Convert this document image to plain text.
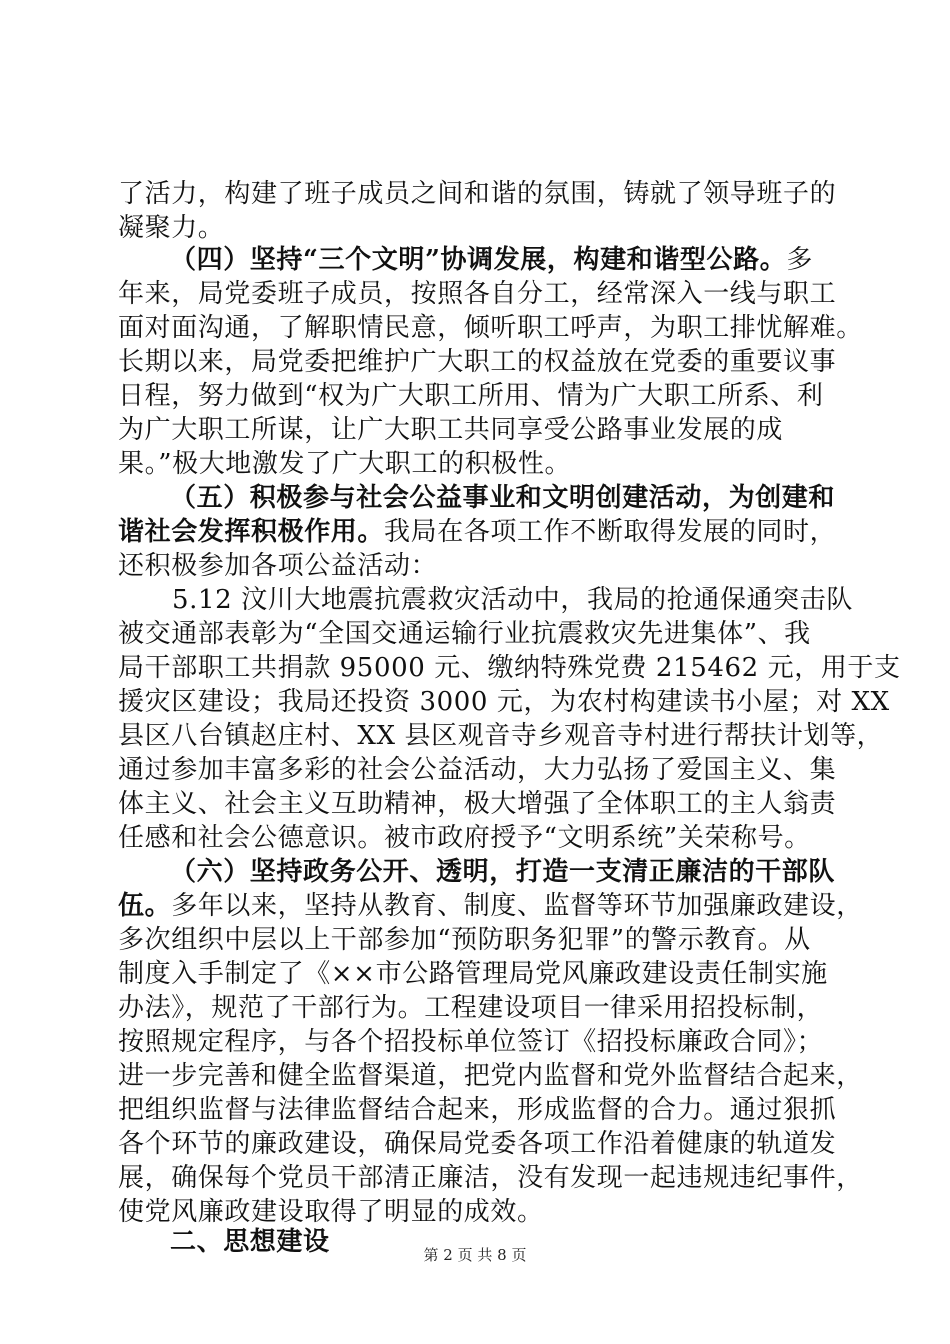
了活力，构建了班子成员之间和谐的氛围，铸就了领导班子的
凝聚力。
（四）坚持“三个文明”协调发展，构建和谐型公路。多
年来，局党委班子成员，按照各自分工，经常深入一线与职工
面对面沟通，了解职情民意，倾听职工呼声，为职工排忧解难。
长期以来，局党委把维护广大职工的权益放在党委的重要议事
日程，努力做到“权为广大职工所用、情为广大职工所系、利
为广大职工所谋，让广大职工共同享受公路事业发展的成
果。”极大地激发了广大职工的积极性。
（五）积极参与社会公益事业和文明创建活动，为创建和
谐社会发挥积极作用。我局在各项工作不断取得发展的同时，
还积极参加各项公益活动：
5.12 汶川大地震抗震救灾活动中，我局的抢通保通突击队
被交通部表彰为“全国交通运输行业抗震救灾先进集体”、我
局干部职工共捐款 95000 元、缴纳特殊党费 215462 元，用于支
援灾区建设；我局还投资 3000 元，为农村构建读书小屋；对 XX
县区八台镇赵庄村、XX 县区观音寺乡观音寺村进行帮扶计划等，
通过参加丰富多彩的社会公益活动，大力弘扬了爱国主义、集
体主义、社会主义互助精神，极大增强了全体职工的主人翁责
任感和社会公德意识。被市政府授予“文明系统”关荣称号。
（六）坚持政务公开、透明，打造一支清正廉洁的干部队
伍。多年以来，坚持从教育、制度、监督等环节加强廉政建设，
多次组织中层以上干部参加“预防职务犯罪”的警示教育。从
制度入手制定了《××市公路管理局党风廉政建设责任制实施
办法》，规范了干部行为。工程建设项目一律采用招投标制，
按照规定程序，与各个招投标单位签订《招投标廉政合同》；
进一步完善和健全监督渠道，把党内监督和党外监督结合起来，
把组织监督与法律监督结合起来，形成监督的合力。通过狠抓
各个环节的廉政建设，确保局党委各项工作沿着健康的轨道发
展，确保每个党员干部清正廉洁，没有发现一起违规违纪事件，
使党风廉政建设取得了明显的成效。
二、思想建设	第 2 页 共 8 页
